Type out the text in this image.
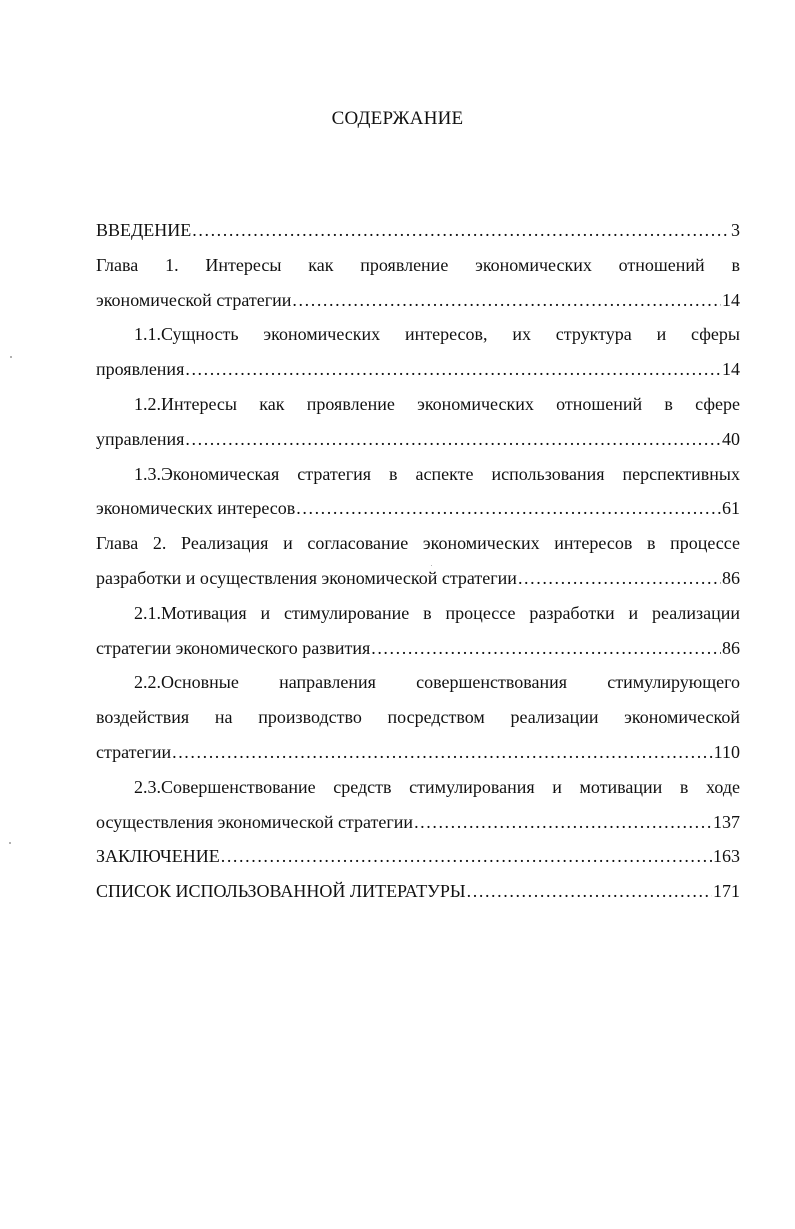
СОДЕРЖАНИЕ
ВВЕДЕНИЕ .....	3
Глава 1. Интересы как проявление экономических отношений в
экономической стратегии .....	14
1.1.Сущность экономических интересов, их структура и сферы
проявления .....	14
1.2.Интересы как проявление экономических отношений в сфере
управления .....	40
1.3.Экономическая стратегия в аспекте использования перспективных
экономических интересов .....	61
Глава 2. Реализация и согласование экономических интересов в процессе
разработки и осуществления экономической стратегии .....	86
2.1.Мотивация и стимулирование в процессе разработки и реализации
стратегии экономического развития .....	86
2.2.Основные направления совершенствования стимулирующего
воздействия на производство посредством реализации экономической
стратегии .....	110
2.3.Совершенствование средств стимулирования и мотивации в ходе
осуществления экономической стратегии .....	137
ЗАКЛЮЧЕНИЕ .....	163
СПИСОК ИСПОЛЬЗОВАННОЙ ЛИТЕРАТУРЫ .....	171
